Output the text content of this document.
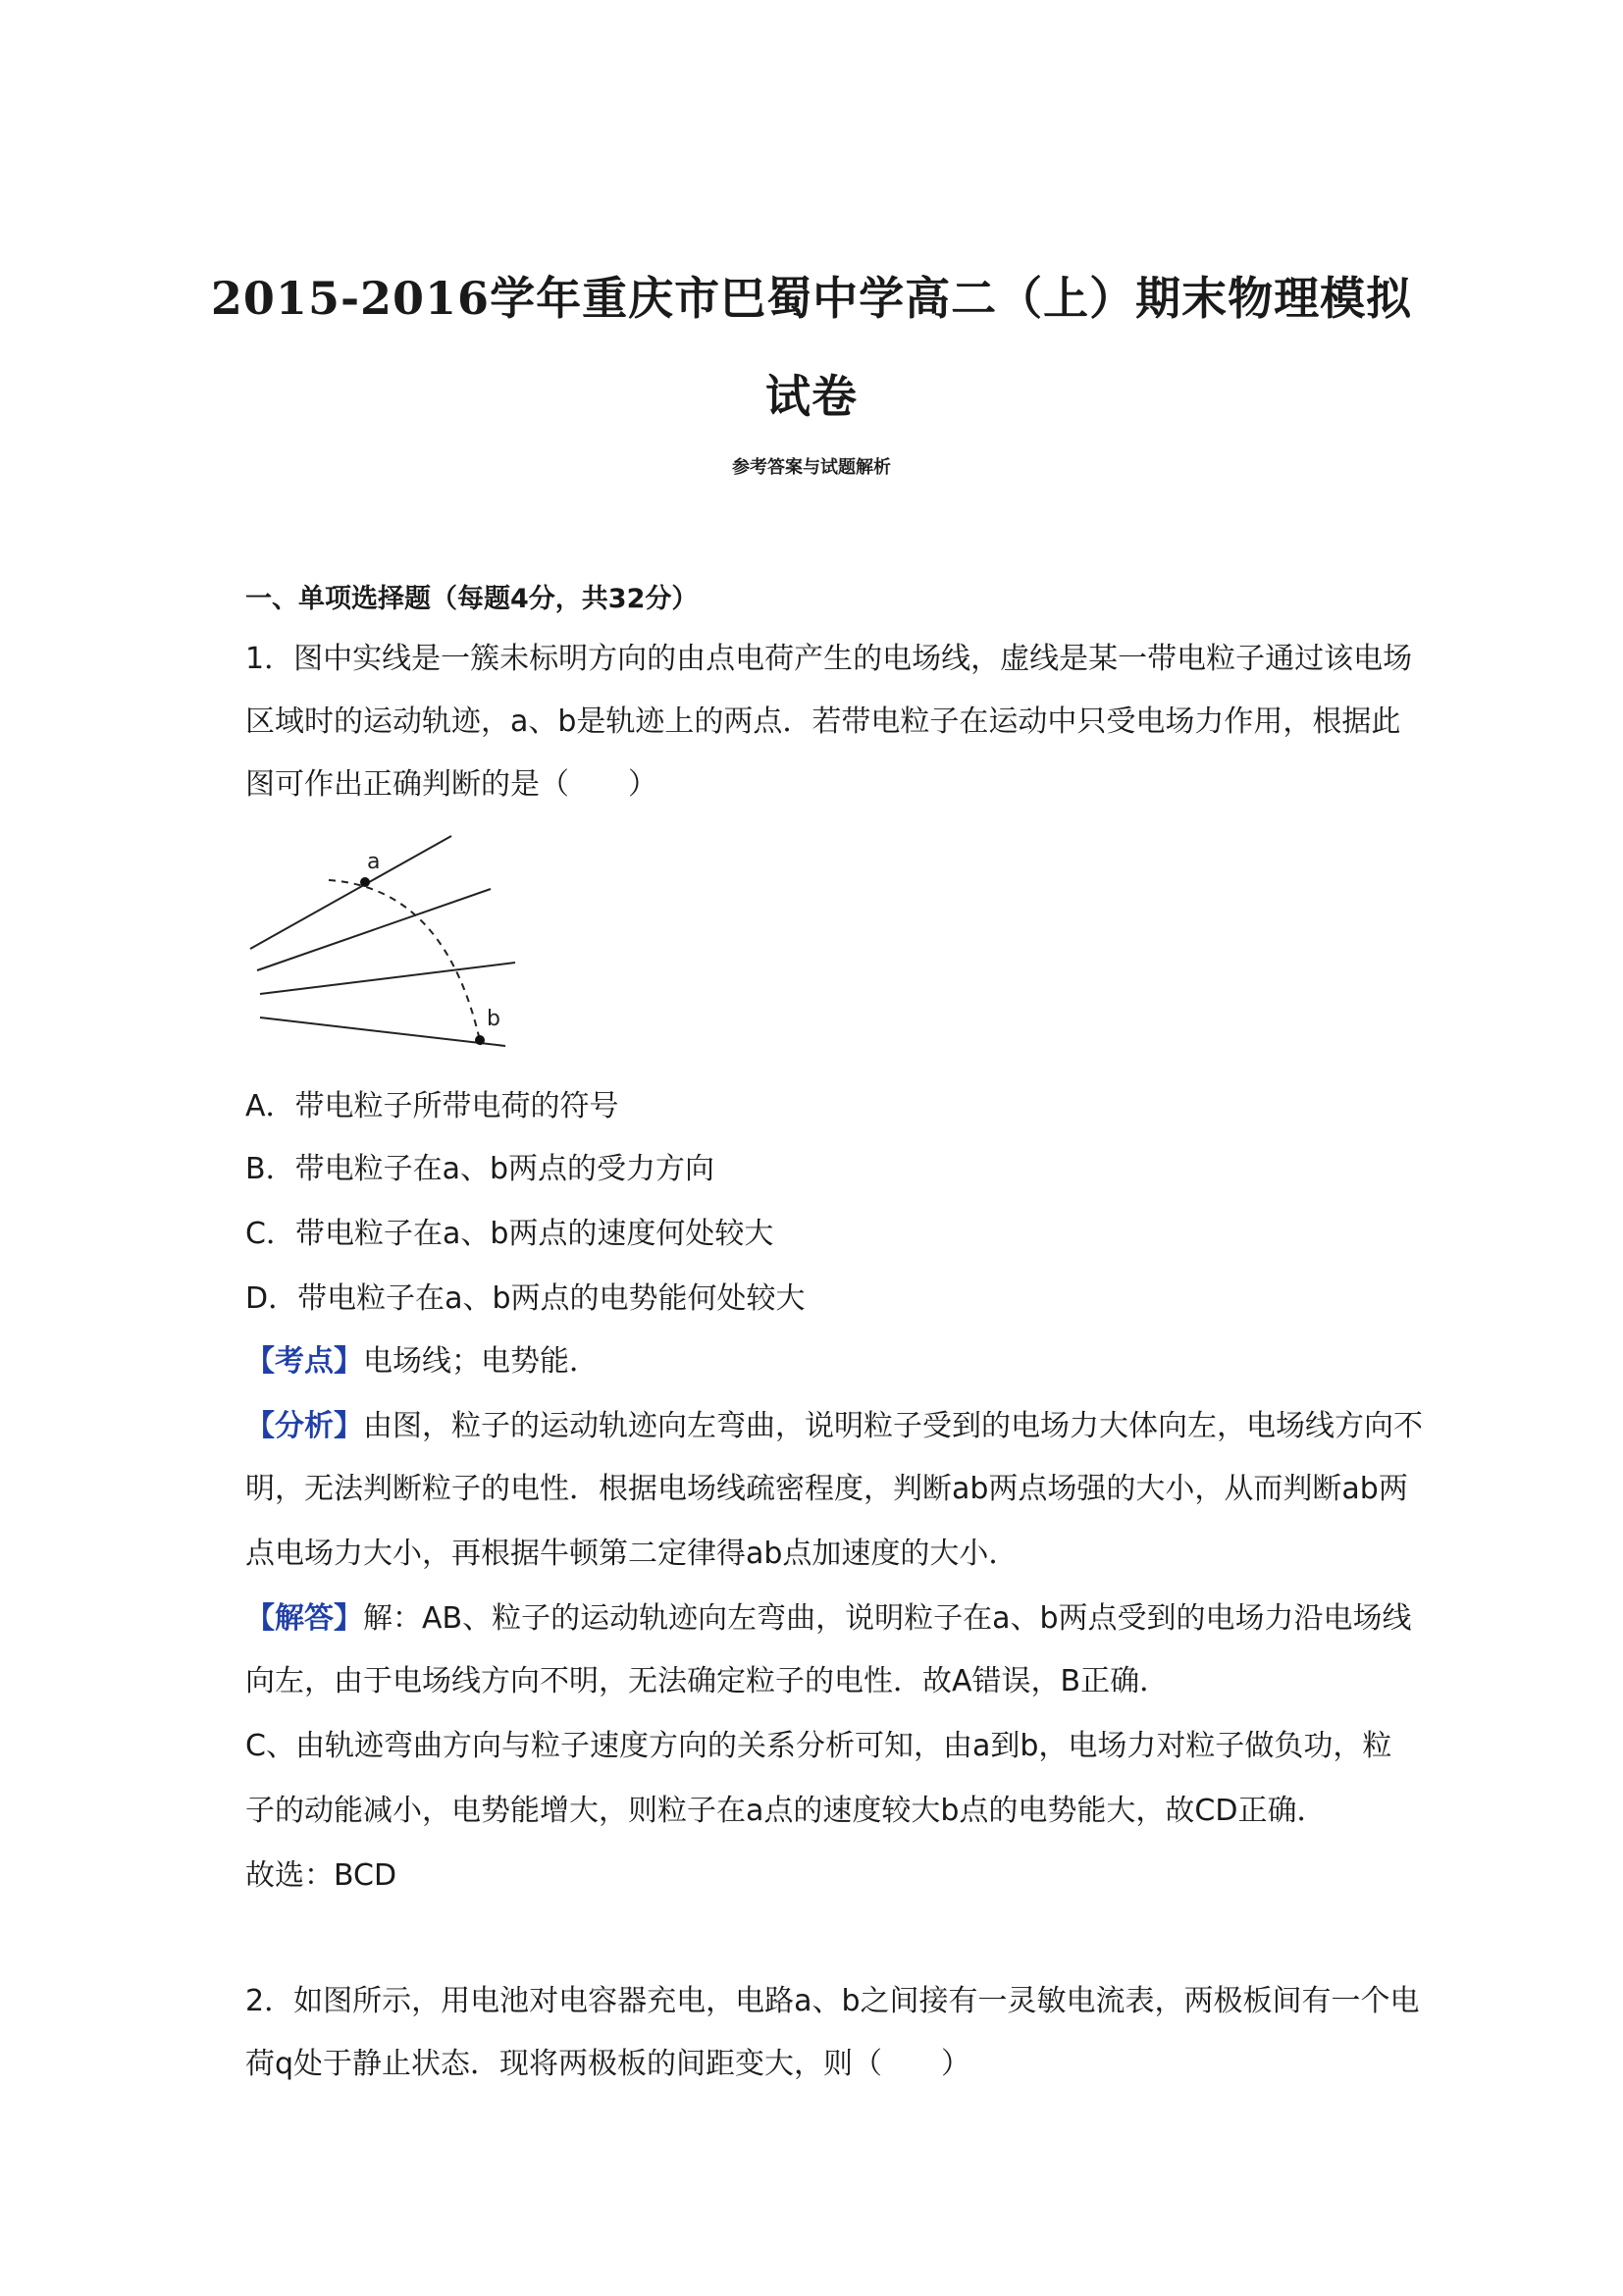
2015-2016学年重庆市巴蜀中学高二（上）期末物理模拟
试卷
参考答案与试题解析
一、单项选择题（每题4分，共32分）
1．图中实线是一簇未标明方向的由点电荷产生的电场线，虚线是某一带电粒子通过该电场
区域时的运动轨迹，a、b是轨迹上的两点．若带电粒子在运动中只受电场力作用，根据此
图可作出正确判断的是（　　）
a
b
A．带电粒子所带电荷的符号
B．带电粒子在a、b两点的受力方向
C．带电粒子在a、b两点的速度何处较大
D．带电粒子在a、b两点的电势能何处较大
【考点】电场线；电势能．
【分析】由图，粒子的运动轨迹向左弯曲，说明粒子受到的电场力大体向左，电场线方向不
明，无法判断粒子的电性．根据电场线疏密程度，判断ab两点场强的大小，从而判断ab两
点电场力大小，再根据牛顿第二定律得ab点加速度的大小．
【解答】解：AB、粒子的运动轨迹向左弯曲，说明粒子在a、b两点受到的电场力沿电场线
向左，由于电场线方向不明，无法确定粒子的电性．故A错误，B正确．
C、由轨迹弯曲方向与粒子速度方向的关系分析可知，由a到b，电场力对粒子做负功，粒
子的动能减小，电势能增大，则粒子在a点的速度较大b点的电势能大，故CD正确．
故选：BCD
2．如图所示，用电池对电容器充电，电路a、b之间接有一灵敏电流表，两极板间有一个电
荷q处于静止状态．现将两极板的间距变大，则（　　）
